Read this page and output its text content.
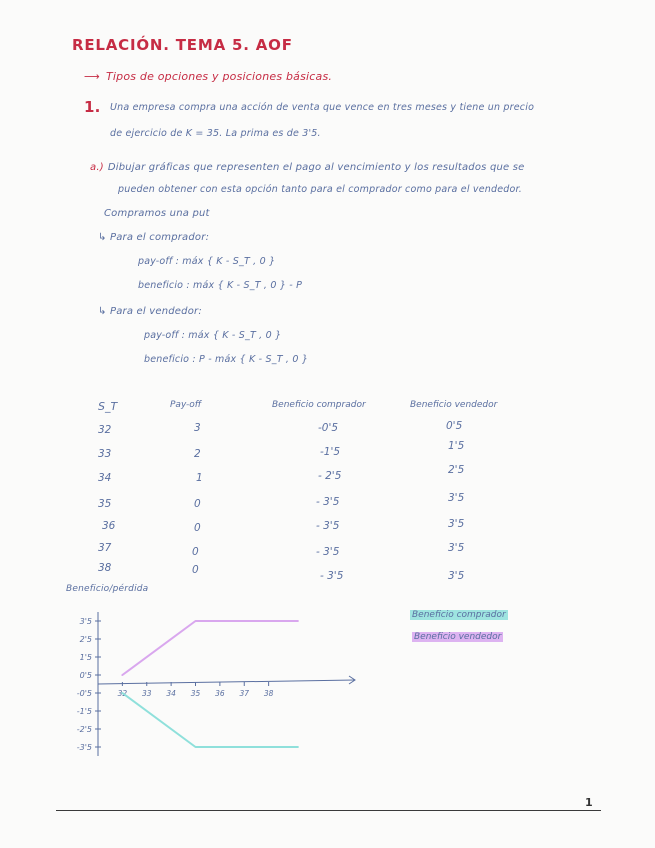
RELACIÓN. TEMA 5. AOF
⟶ Tipos de opciones y posiciones básicas.
1. Una empresa compra una acción de venta que vence en tres meses y tiene un precio
de ejercicio de K = 35. La prima es de 3'5.
a.) Dibujar gráficas que representen el pago al vencimiento y los resultados que se
pueden obtener con esta opción tanto para el comprador como para el vendedor.
Compramos una put
↳ Para el comprador:
pay-off : máx { K - S_T , 0 }
beneficio : máx { K - S_T , 0 } - P
↳ Para el vendedor:
pay-off : máx { K - S_T , 0 }
beneficio : P - máx { K - S_T , 0 }
S_T	Pay-off	Beneficio comprador	Beneficio vendedor
32	3	-0'5	0'5
33	2	-1'5	1'5
34	1	- 2'5	2'5
35	0	- 3'5	3'5
36	0	- 3'5	3'5
37	0	- 3'5	3'5
38	0	- 3'5	3'5
Beneficio/pérdida
3'5
2'5
1'5
0'5
-0'5
-1'5
-2'5
-3'5
32 33 34 35 36 37 38
Beneficio comprador
Beneficio vendedor
1
